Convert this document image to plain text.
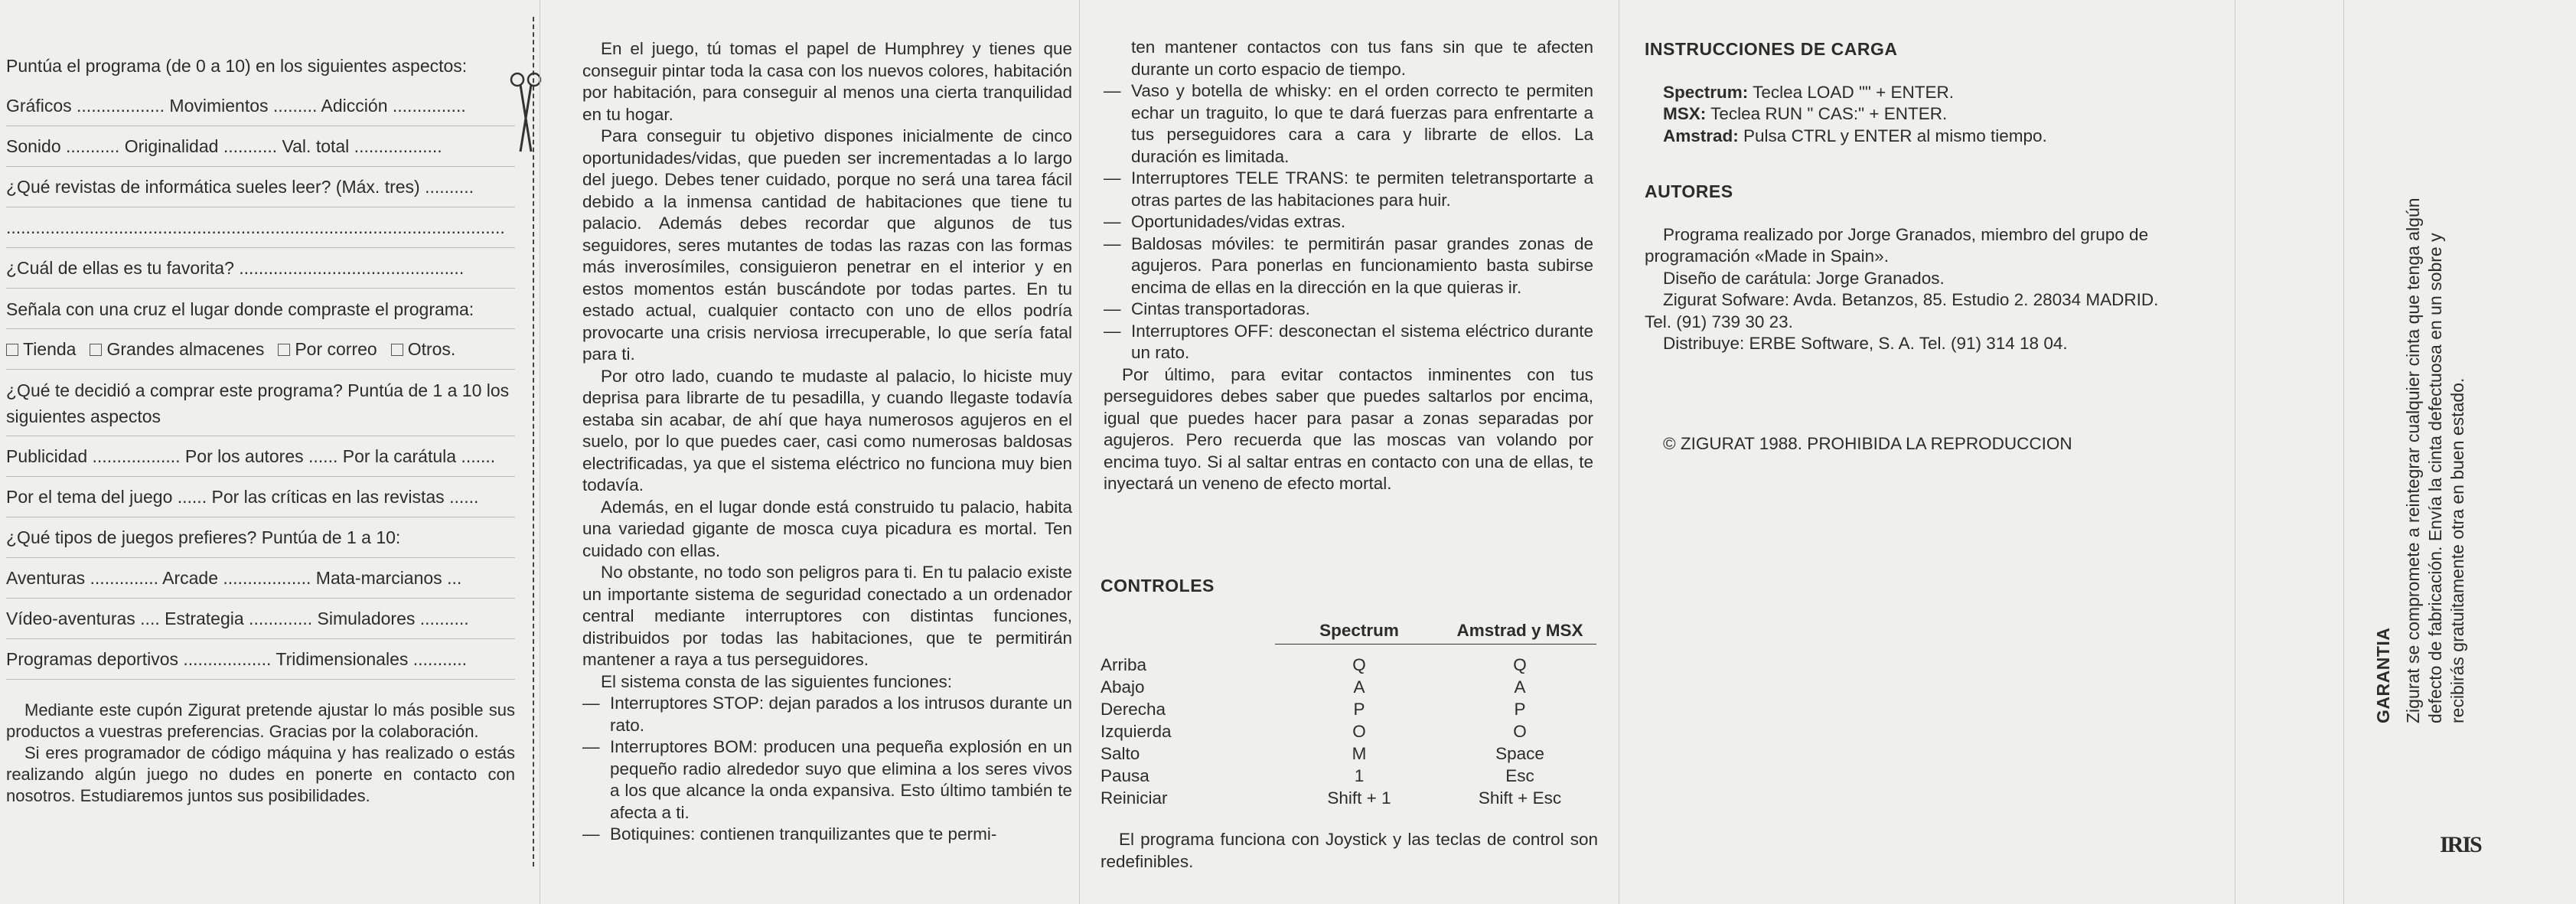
Puntúa el programa (de 0 a 10) en los siguientes aspectos:
Gráficos .................. Movimientos ......... Adicción ...............
Sonido ........... Originalidad ........... Val. total ..................
¿Qué revistas de informática sueles leer? (Máx. tres) ..........
......................................................................................................
¿Cuál de ellas es tu favorita? ..............................................
Señala con una cruz el lugar donde compraste el programa:
Tienda	Grandes almacenes	Por correo	Otros.
¿Qué te decidió a comprar este programa? Puntúa de 1 a 10 los siguientes aspectos
Publicidad .................. Por los autores ...... Por la carátula .......
Por el tema del juego ...... Por las críticas en las revistas ......
¿Qué tipos de juegos prefieres? Puntúa de 1 a 10:
Aventuras .............. Arcade .................. Mata-marcianos ...
Vídeo-aventuras .... Estrategia ............. Simuladores ..........
Programas deportivos .................. Tridimensionales ...........

Mediante este cupón Zigurat pretende ajustar lo más posible sus productos a vuestras preferencias. Gracias por la colaboración.

Si eres programador de código máquina y has realizado o estás realizando algún juego no dudes en ponerte en contacto con nosotros. Estudiaremos juntos sus posibilidades.

En el juego, tú tomas el papel de Humphrey y tienes que conseguir pintar toda la casa con los nuevos colores, habitación por habitación, para conseguir al menos una cierta tranquilidad en tu hogar.

Para conseguir tu objetivo dispones inicialmente de cinco oportunidades/vidas, que pueden ser incrementadas a lo largo del juego. Debes tener cuidado, porque no será una tarea fácil debido a la inmensa cantidad de habitaciones que tiene tu palacio. Además debes recordar que algunos de tus seguidores, seres mutantes de todas las razas con las formas más inverosímiles, consiguieron penetrar en el interior y en estos momentos están buscándote por todas partes. En tu estado actual, cualquier contacto con uno de ellos podría provocarte una crisis nerviosa irrecuperable, lo que sería fatal para ti.

Por otro lado, cuando te mudaste al palacio, lo hiciste muy deprisa para librarte de tu pesadilla, y cuando llegaste todavía estaba sin acabar, de ahí que haya numerosos agujeros en el suelo, por lo que puedes caer, casi como numerosas baldosas electrificadas, ya que el sistema eléctrico no funciona muy bien todavía.

Además, en el lugar donde está construido tu palacio, habita una variedad gigante de mosca cuya picadura es mortal. Ten cuidado con ellas.

No obstante, no todo son peligros para ti. En tu palacio existe un importante sistema de seguridad conectado a un ordenador central mediante interruptores con distintas funciones, distribuidos por todas las habitaciones, que te permitirán mantener a raya a tus perseguidores.

El sistema consta de las siguientes funciones:

— Interruptores STOP: dejan parados a los intrusos durante un rato.
— Interruptores BOM: producen una pequeña explosión en un pequeño radio alrededor suyo que elimina a los seres vivos a los que alcance la onda expansiva. Esto último también te afecta a ti.
— Botiquines: contienen tranquilizantes que te permi-
ten mantener contactos con tus fans sin que te afecten durante un corto espacio de tiempo.
— Vaso y botella de whisky: en el orden correcto te permiten echar un traguito, lo que te dará fuerzas para enfrentarte a tus perseguidores cara a cara y librarte de ellos. La duración es limitada.
— Interruptores TELE TRANS: te permiten teletransportarte a otras partes de las habitaciones para huir.
— Oportunidades/vidas extras.
— Baldosas móviles: te permitirán pasar grandes zonas de agujeros. Para ponerlas en funcionamiento basta subirse encima de ellas en la dirección en la que quieras ir.
— Cintas transportadoras.
— Interruptores OFF: desconectan el sistema eléctrico durante un rato.

Por último, para evitar contactos inminentes con tus perseguidores debes saber que puedes saltarlos por encima, igual que puedes hacer para pasar a zonas separadas por agujeros. Pero recuerda que las moscas van volando por encima tuyo. Si al saltar entras en contacto con una de ellas, te inyectará un veneno de efecto mortal.

CONTROLES
	Spectrum	Amstrad y MSX

Arriba	Q	Q
Abajo	A	A
Derecha	P	P
Izquierda	O	O
Salto	M	Space
Pausa	1	Esc
Reiniciar	Shift + 1	Shift + Esc
El programa funciona con Joystick y las teclas de control son redefinibles.
INSTRUCCIONES DE CARGA

Spectrum: Teclea LOAD "" + ENTER.

MSX: Teclea RUN " CAS:" + ENTER.

Amstrad: Pulsa CTRL y ENTER al mismo tiempo.

AUTORES

Programa realizado por Jorge Granados, miembro del grupo de programación «Made in Spain».

Diseño de carátula: Jorge Granados.

Zigurat Sofware: Avda. Betanzos, 85. Estudio 2. 28034 MADRID. Tel. (91) 739 30 23.

Distribuye: ERBE Software, S. A. Tel. (91) 314 18 04.

© ZIGURAT 1988. PROHIBIDA LA REPRODUCCION

GARANTIA Zigurat se compromete a reintegrar cualquier cinta que tenga algún defecto de fabricación. Envía la cinta defectuosa en un sobre y recibirás gratuitamente otra en buen estado.
IRIS
